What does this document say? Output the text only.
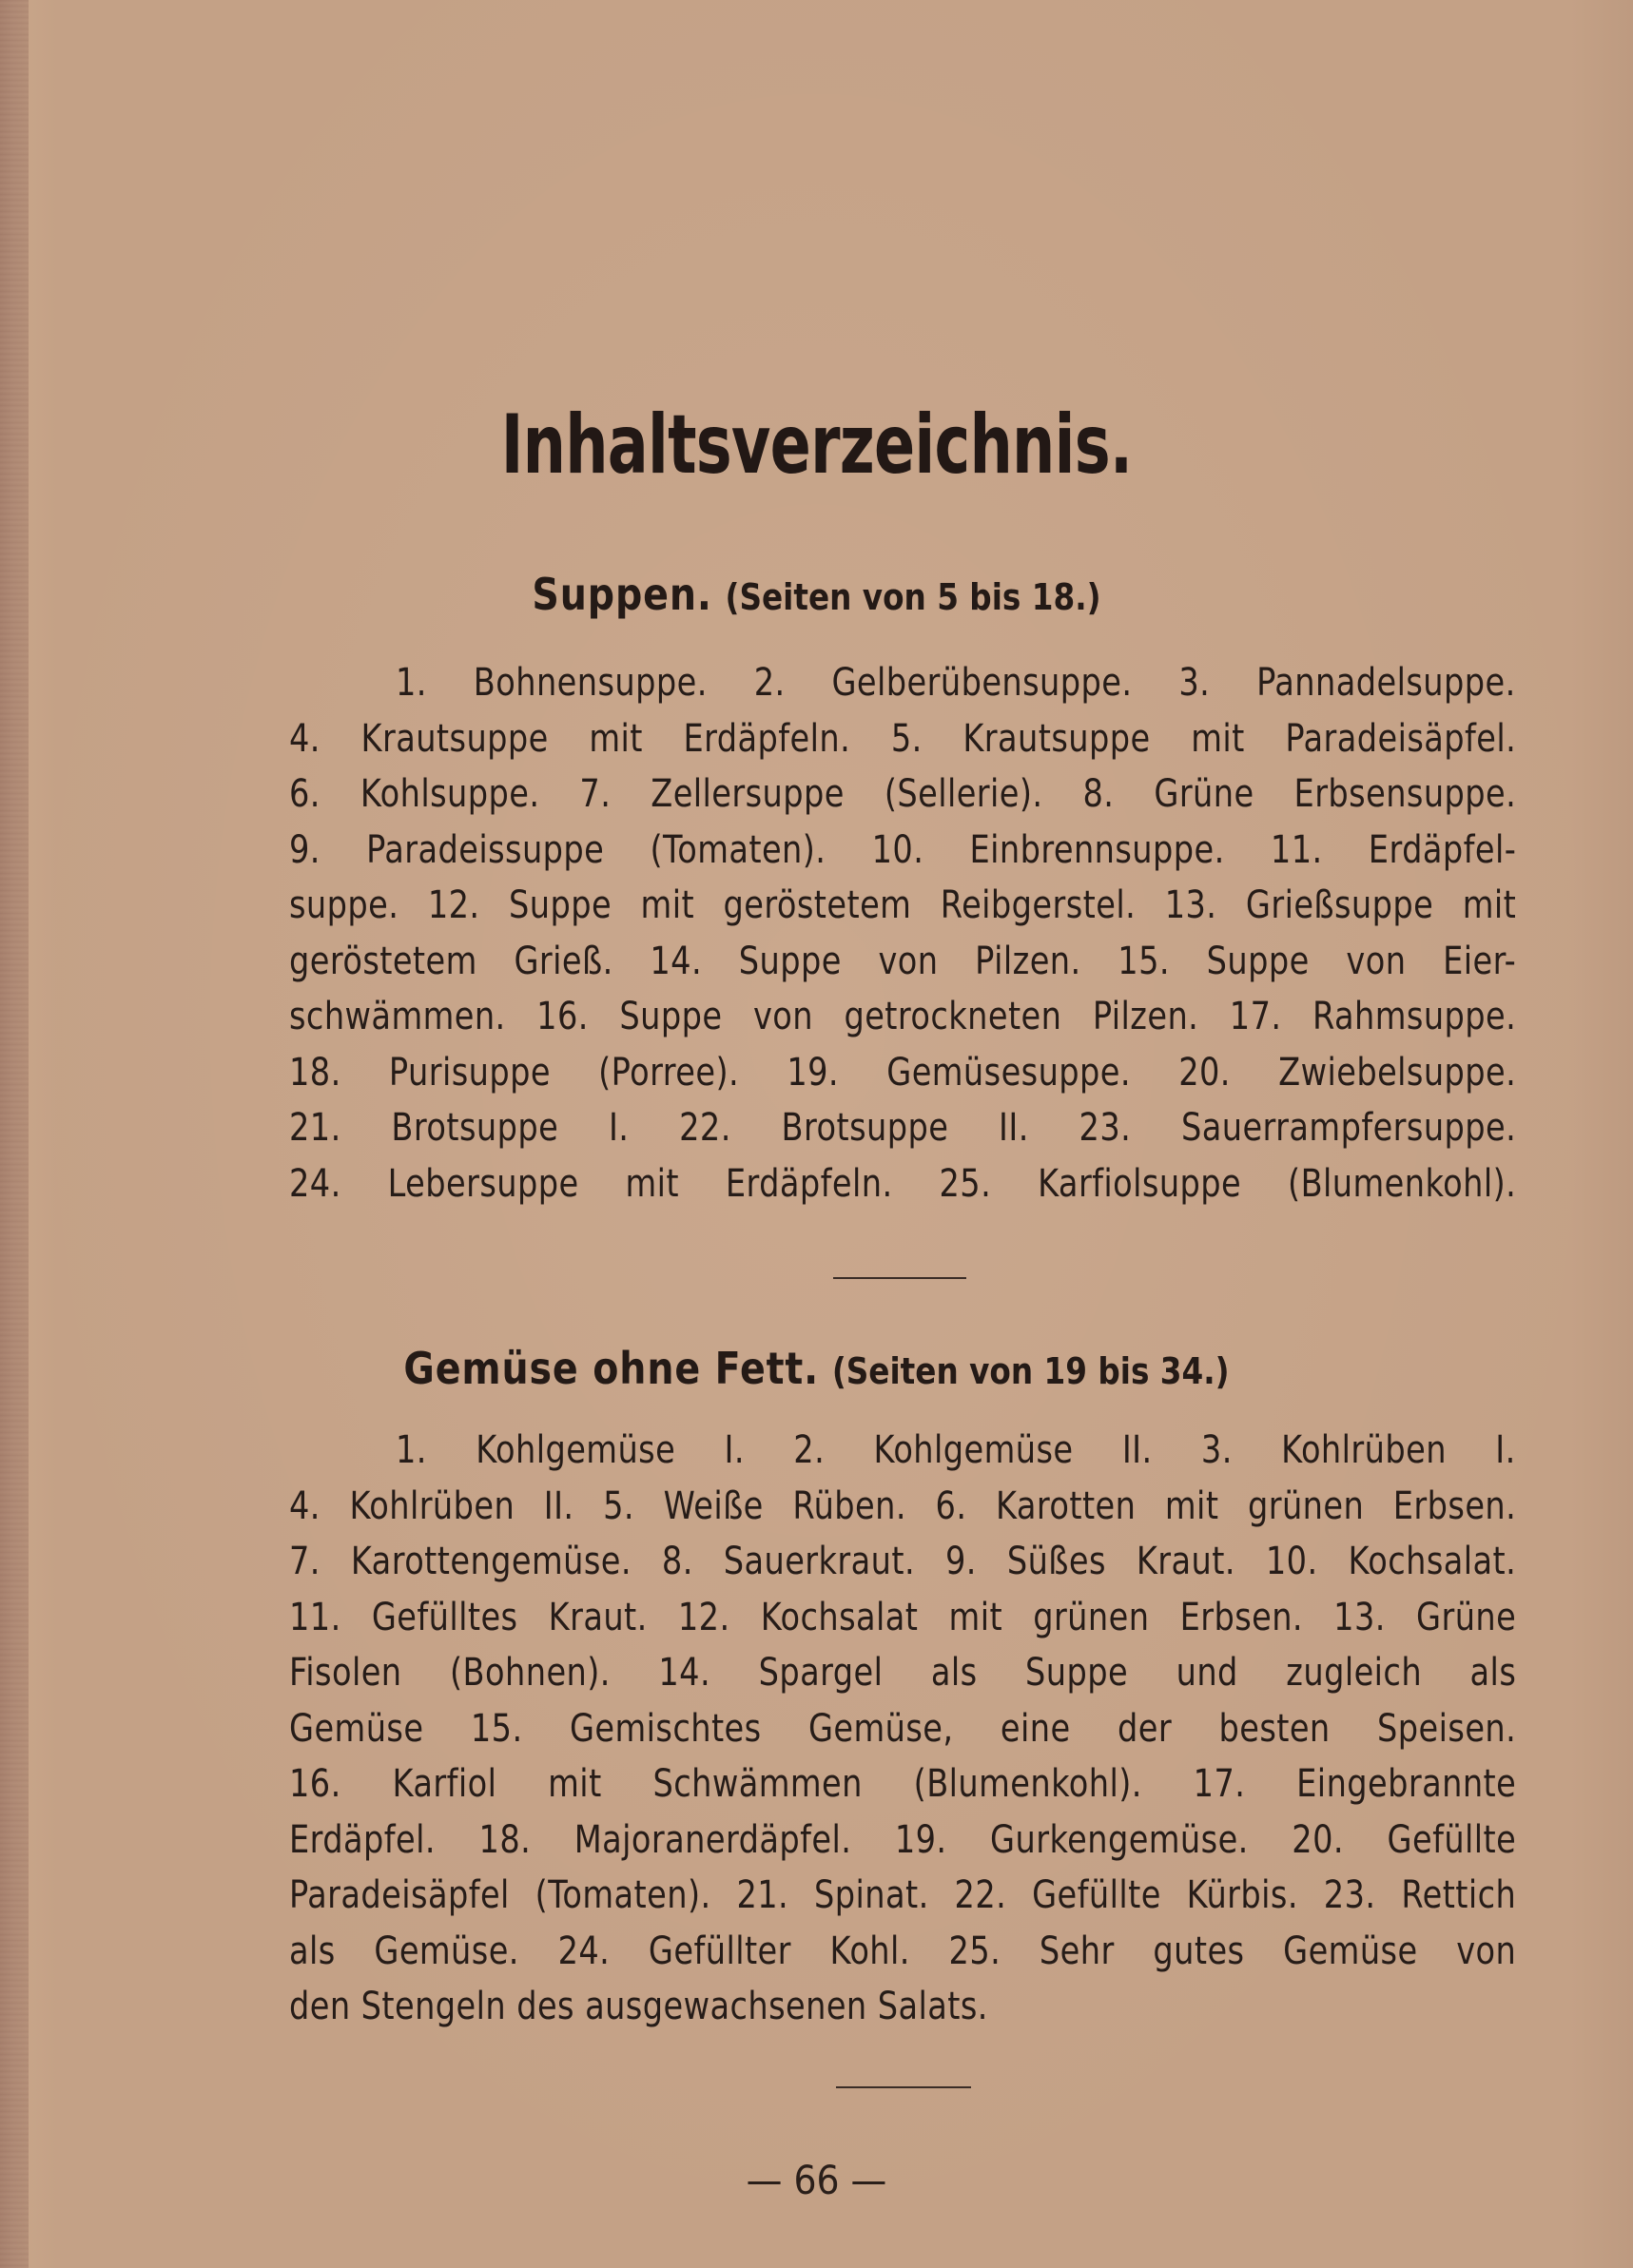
Inhaltsverzeichnis.
Suppen. (Seiten von 5 bis 18.)
1. Bohnensuppe. 2. Gelberübensuppe. 3. Pannadelsuppe.
4. Krautsuppe mit Erdäpfeln. 5. Krautsuppe mit Paradeisäpfel.
6. Kohlsuppe. 7. Zellersuppe (Sellerie). 8. Grüne Erbsensuppe.
9. Paradeissuppe (Tomaten). 10. Einbrennsuppe. 11. Erdäpfel-
suppe. 12. Suppe mit geröstetem Reibgerstel. 13. Grießsuppe mit
geröstetem Grieß. 14. Suppe von Pilzen. 15. Suppe von Eier-
schwämmen. 16. Suppe von getrockneten Pilzen. 17. Rahmsuppe.
18. Purisuppe (Porree). 19. Gemüsesuppe. 20. Zwiebelsuppe.
21. Brotsuppe I. 22. Brotsuppe II. 23. Sauerrampfersuppe.
24. Lebersuppe mit Erdäpfeln. 25. Karfiolsuppe (Blumenkohl).
Gemüse ohne Fett. (Seiten von 19 bis 34.)
1. Kohlgemüse I. 2. Kohlgemüse II. 3. Kohlrüben I.
4. Kohlrüben II. 5. Weiße Rüben. 6. Karotten mit grünen Erbsen.
7. Karottengemüse. 8. Sauerkraut. 9. Süßes Kraut. 10. Kochsalat.
11. Gefülltes Kraut. 12. Kochsalat mit grünen Erbsen. 13. Grüne
Fisolen (Bohnen). 14. Spargel als Suppe und zugleich als
Gemüse 15. Gemischtes Gemüse, eine der besten Speisen.
16. Karfiol mit Schwämmen (Blumenkohl). 17. Eingebrannte
Erdäpfel. 18. Majoranerdäpfel. 19. Gurkengemüse. 20. Gefüllte
Paradeisäpfel (Tomaten). 21. Spinat. 22. Gefüllte Kürbis. 23. Rettich
als Gemüse. 24. Gefüllter Kohl. 25. Sehr gutes Gemüse von
den Stengeln des ausgewachsenen Salats.

— 66 —
